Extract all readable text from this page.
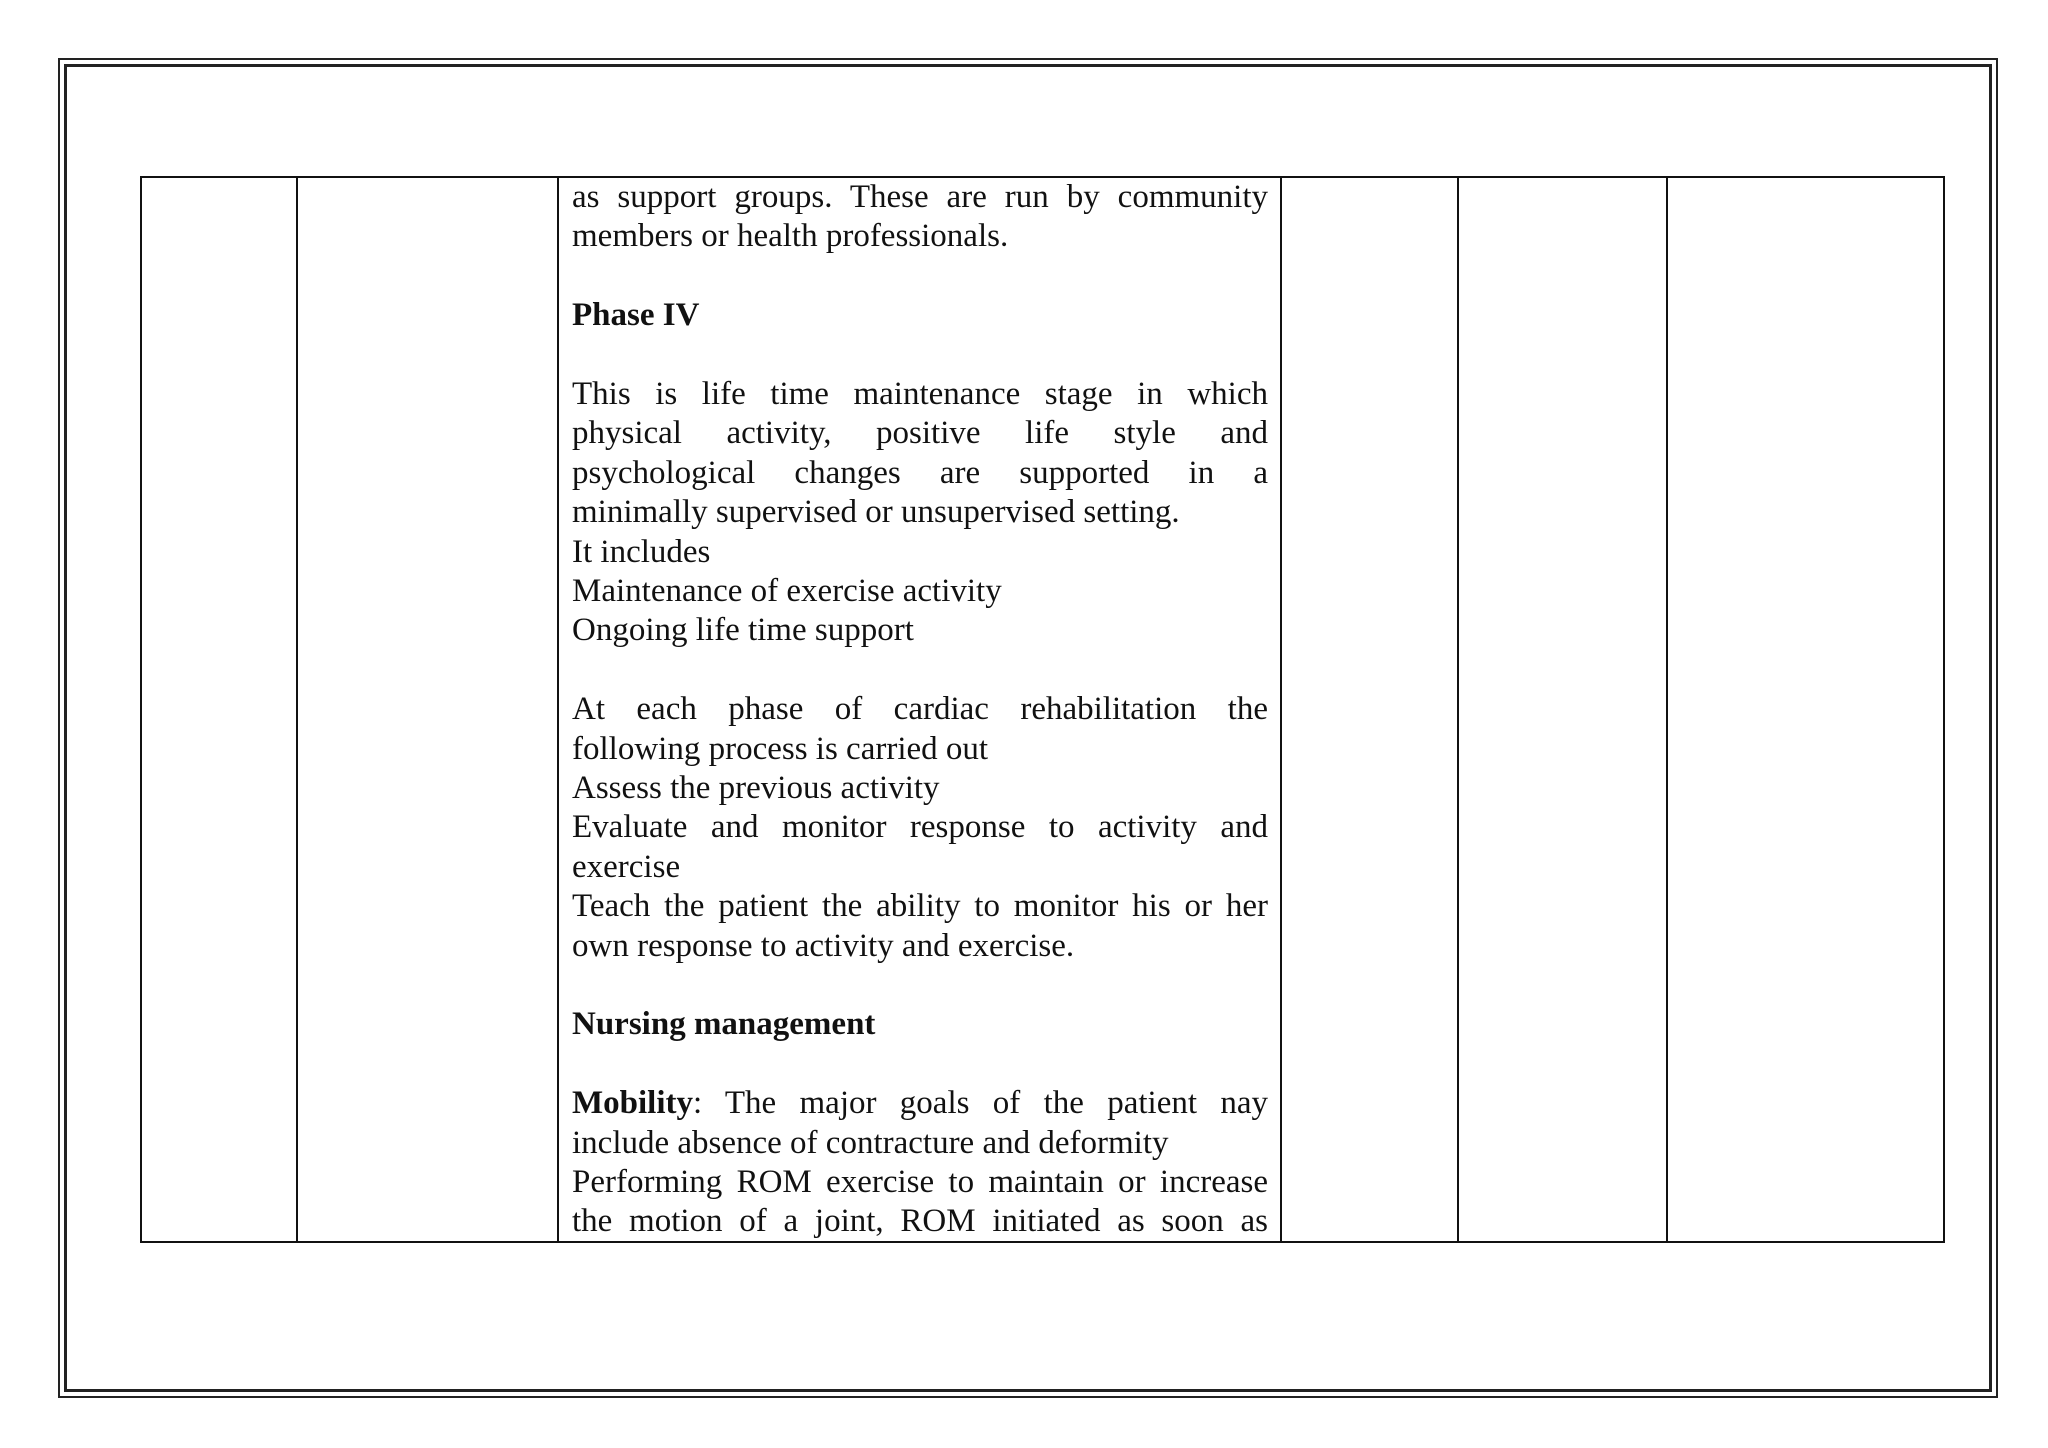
as support groups. These are run by community
members or health professionals.
Phase IV
This is life time maintenance stage in which
physical activity, positive life style and
psychological changes are supported in a
minimally supervised or unsupervised setting.
It includes
Maintenance of exercise activity
Ongoing life time support
At each phase of cardiac rehabilitation the
following process is carried out
Assess the previous activity
Evaluate and monitor response to activity and
exercise
Teach the patient the ability to monitor his or her
own response to activity and exercise.
Nursing management
Mobility: The major goals of the patient nay
include absence of contracture and deformity
Performing ROM exercise to maintain or increase
the motion of a joint, ROM initiated as soon as
